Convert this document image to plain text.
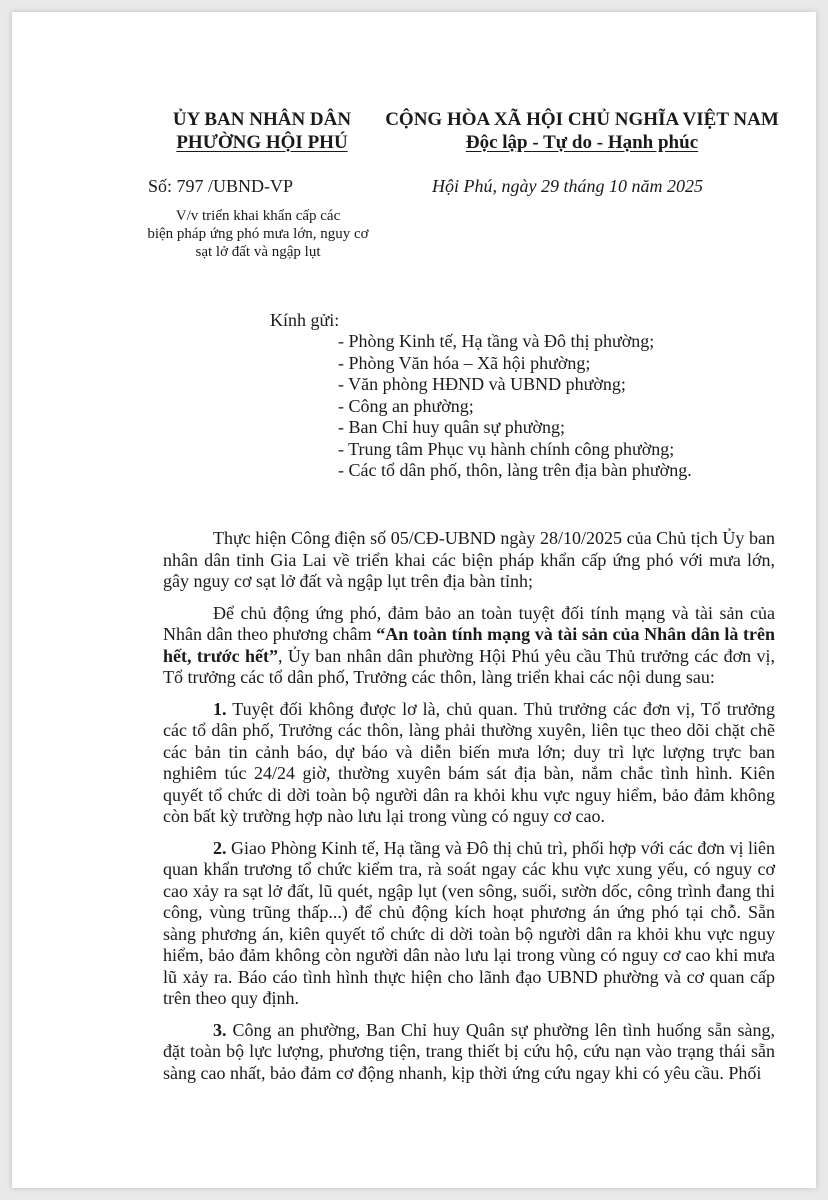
ỦY BAN NHÂN DÂN
PHƯỜNG HỘI PHÚ
CỘNG HÒA XÃ HỘI CHỦ NGHĨA VIỆT NAM
Độc lập - Tự do - Hạnh phúc
Số: 797 /UBND-VP	Hội Phú, ngày 29 tháng 10 năm 2025
V/v triển khai khẩn cấp các
biện pháp ứng phó mưa lớn, nguy cơ
sạt lở đất và ngập lụt
Kính gửi:
- Phòng Kinh tế, Hạ tầng và Đô thị phường;
- Phòng Văn hóa – Xã hội phường;
- Văn phòng HĐND và UBND phường;
- Công an phường;
- Ban Chỉ huy quân sự phường;
- Trung tâm Phục vụ hành chính công phường;
- Các tổ dân phố, thôn, làng trên địa bàn phường.

Thực hiện Công điện số 05/CĐ-UBND ngày 28/10/2025 của Chủ tịch Ủy ban nhân dân tỉnh Gia Lai về triển khai các biện pháp khẩn cấp ứng phó với mưa lớn, gây nguy cơ sạt lở đất và ngập lụt trên địa bàn tỉnh;

Để chủ động ứng phó, đảm bảo an toàn tuyệt đối tính mạng và tài sản của Nhân dân theo phương châm “An toàn tính mạng và tài sản của Nhân dân là trên hết, trước hết”, Ủy ban nhân dân phường Hội Phú yêu cầu Thủ trưởng các đơn vị, Tổ trưởng các tổ dân phố, Trưởng các thôn, làng triển khai các nội dung sau:

1. Tuyệt đối không được lơ là, chủ quan. Thủ trưởng các đơn vị, Tổ trưởng các tổ dân phố, Trưởng các thôn, làng phải thường xuyên, liên tục theo dõi chặt chẽ các bản tin cảnh báo, dự báo và diễn biến mưa lớn; duy trì lực lượng trực ban nghiêm túc 24/24 giờ, thường xuyên bám sát địa bàn, nắm chắc tình hình. Kiên quyết tổ chức di dời toàn bộ người dân ra khỏi khu vực nguy hiểm, bảo đảm không còn bất kỳ trường hợp nào lưu lại trong vùng có nguy cơ cao.

2. Giao Phòng Kinh tế, Hạ tầng và Đô thị chủ trì, phối hợp với các đơn vị liên quan khẩn trương tổ chức kiểm tra, rà soát ngay các khu vực xung yếu, có nguy cơ cao xảy ra sạt lở đất, lũ quét, ngập lụt (ven sông, suối, sườn dốc, công trình đang thi công, vùng trũng thấp...) để chủ động kích hoạt phương án ứng phó tại chỗ. Sẵn sàng phương án, kiên quyết tổ chức di dời toàn bộ người dân ra khỏi khu vực nguy hiểm, bảo đảm không còn người dân nào lưu lại trong vùng có nguy cơ cao khi mưa lũ xảy ra. Báo cáo tình hình thực hiện cho lãnh đạo UBND phường và cơ quan cấp trên theo quy định.

3. Công an phường, Ban Chỉ huy Quân sự phường lên tình huống sẵn sàng, đặt toàn bộ lực lượng, phương tiện, trang thiết bị cứu hộ, cứu nạn vào trạng thái sẵn sàng cao nhất, bảo đảm cơ động nhanh, kịp thời ứng cứu ngay khi có yêu cầu. Phối
